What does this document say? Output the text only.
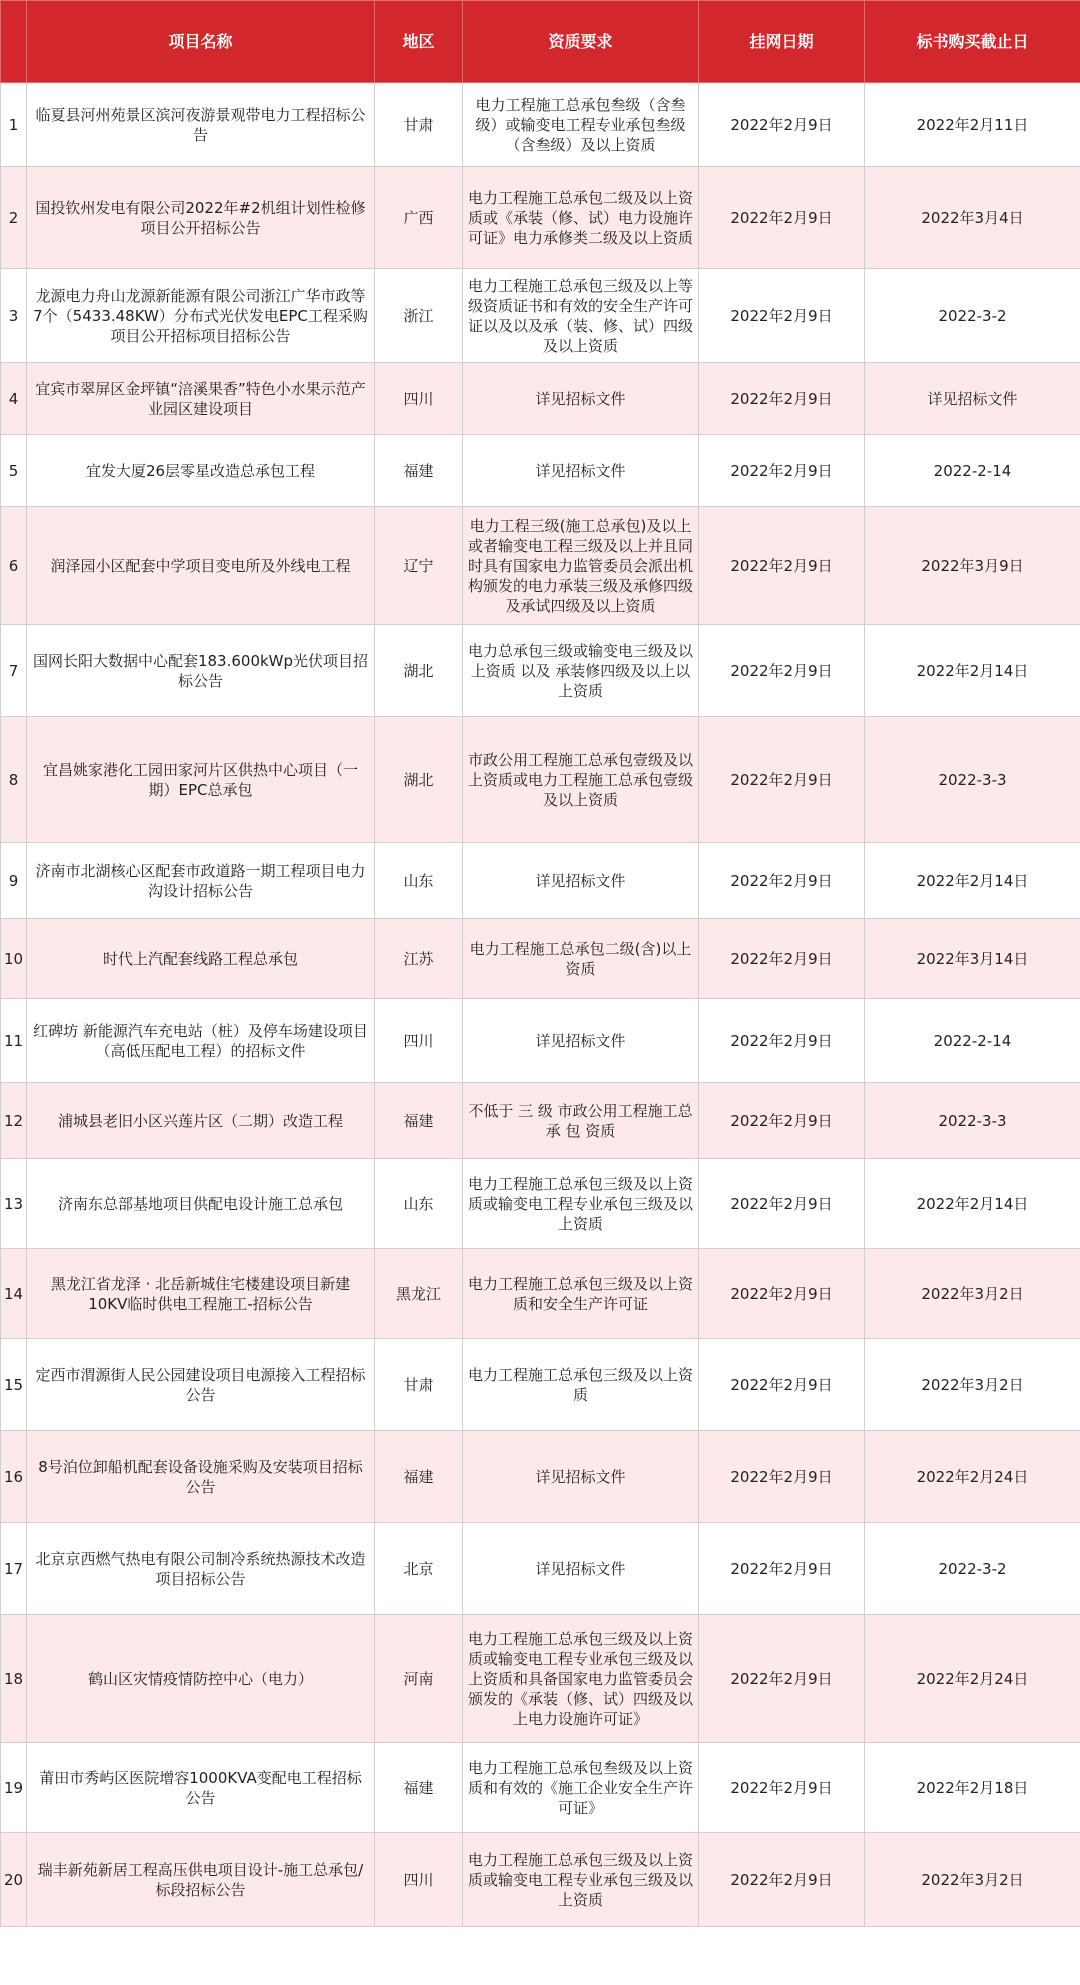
	项目名称	地区	资质要求	挂网日期	标书购买截止日
1	临夏县河州苑景区滨河夜游景观带电力工程招标公告	甘肃	电力工程施工总承包叁级（含叁级）或输变电工程专业承包叁级（含叁级）及以上资质	2022年2月9日	2022年2月11日
2	国投钦州发电有限公司2022年#2机组计划性检修项目公开招标公告	广西	电力工程施工总承包二级及以上资质或《承装（修、试）电力设施许可证》电力承修类二级及以上资质	2022年2月9日	2022年3月4日
3	龙源电力舟山龙源新能源有限公司浙江广华市政等7个（5433.48KW）分布式光伏发电EPC工程采购项目公开招标项目招标公告	浙江	电力工程施工总承包三级及以上等级资质证书和有效的安全生产许可证以及以及承（装、修、试）四级及以上资质	2022年2月9日	2022-3-2
4	宜宾市翠屏区金坪镇“涪溪果香”特色小水果示范产业园区建设项目	四川	详见招标文件	2022年2月9日	详见招标文件
5	宜发大厦26层零星改造总承包工程	福建	详见招标文件	2022年2月9日	2022-2-14
6	润泽园小区配套中学项目变电所及外线电工程	辽宁	电力工程三级(施工总承包)及以上或者输变电工程三级及以上并且同时具有国家电力监管委员会派出机构颁发的电力承装三级及承修四级及承试四级及以上资质	2022年2月9日	2022年3月9日
7	国网长阳大数据中心配套183.600kWp光伏项目招标公告	湖北	电力总承包三级或输变电三级及以上资质 以及 承装修四级及以上以上资质	2022年2月9日	2022年2月14日
8	宜昌姚家港化工园田家河片区供热中心项目（一期）EPC总承包	湖北	市政公用工程施工总承包壹级及以上资质或电力工程施工总承包壹级及以上资质	2022年2月9日	2022-3-3
9	济南市北湖核心区配套市政道路一期工程项目电力沟设计招标公告	山东	详见招标文件	2022年2月9日	2022年2月14日
10	时代上汽配套线路工程总承包	江苏	电力工程施工总承包二级(含)以上资质	2022年2月9日	2022年3月14日
11	红碑坊 新能源汽车充电站（桩）及停车场建设项目（高低压配电工程）的招标文件	四川	详见招标文件	2022年2月9日	2022-2-14
12	浦城县老旧小区兴莲片区（二期）改造工程	福建	不低于 三 级 市政公用工程施工总承 包 资质	2022年2月9日	2022-3-3
13	济南东总部基地项目供配电设计施工总承包	山东	电力工程施工总承包三级及以上资质或输变电工程专业承包三级及以上资质	2022年2月9日	2022年2月14日
14	黑龙江省龙泽 · 北岳新城住宅楼建设项目新建10KV临时供电工程施工-招标公告	黑龙江	电力工程施工总承包三级及以上资质和安全生产许可证	2022年2月9日	2022年3月2日
15	定西市渭源街人民公园建设项目电源接入工程招标公告	甘肃	电力工程施工总承包三级及以上资质	2022年2月9日	2022年3月2日
16	8号泊位卸船机配套设备设施采购及安装项目招标公告	福建	详见招标文件	2022年2月9日	2022年2月24日
17	北京京西燃气热电有限公司制冷系统热源技术改造项目招标公告	北京	详见招标文件	2022年2月9日	2022-3-2
18	鹤山区灾情疫情防控中心（电力）	河南	电力工程施工总承包三级及以上资质或输变电工程专业承包三级及以上资质和具备国家电力监管委员会颁发的《承装（修、试）四级及以上电力设施许可证》	2022年2月9日	2022年2月24日
19	莆田市秀屿区医院增容1000KVA变配电工程招标公告	福建	电力工程施工总承包叁级及以上资质和有效的《施工企业安全生产许可证》	2022年2月9日	2022年2月18日
20	瑞丰新苑新居工程高压供电项目设计-施工总承包/标段招标公告	四川	电力工程施工总承包三级及以上资质或输变电工程专业承包三级及以上资质	2022年2月9日	2022年3月2日
